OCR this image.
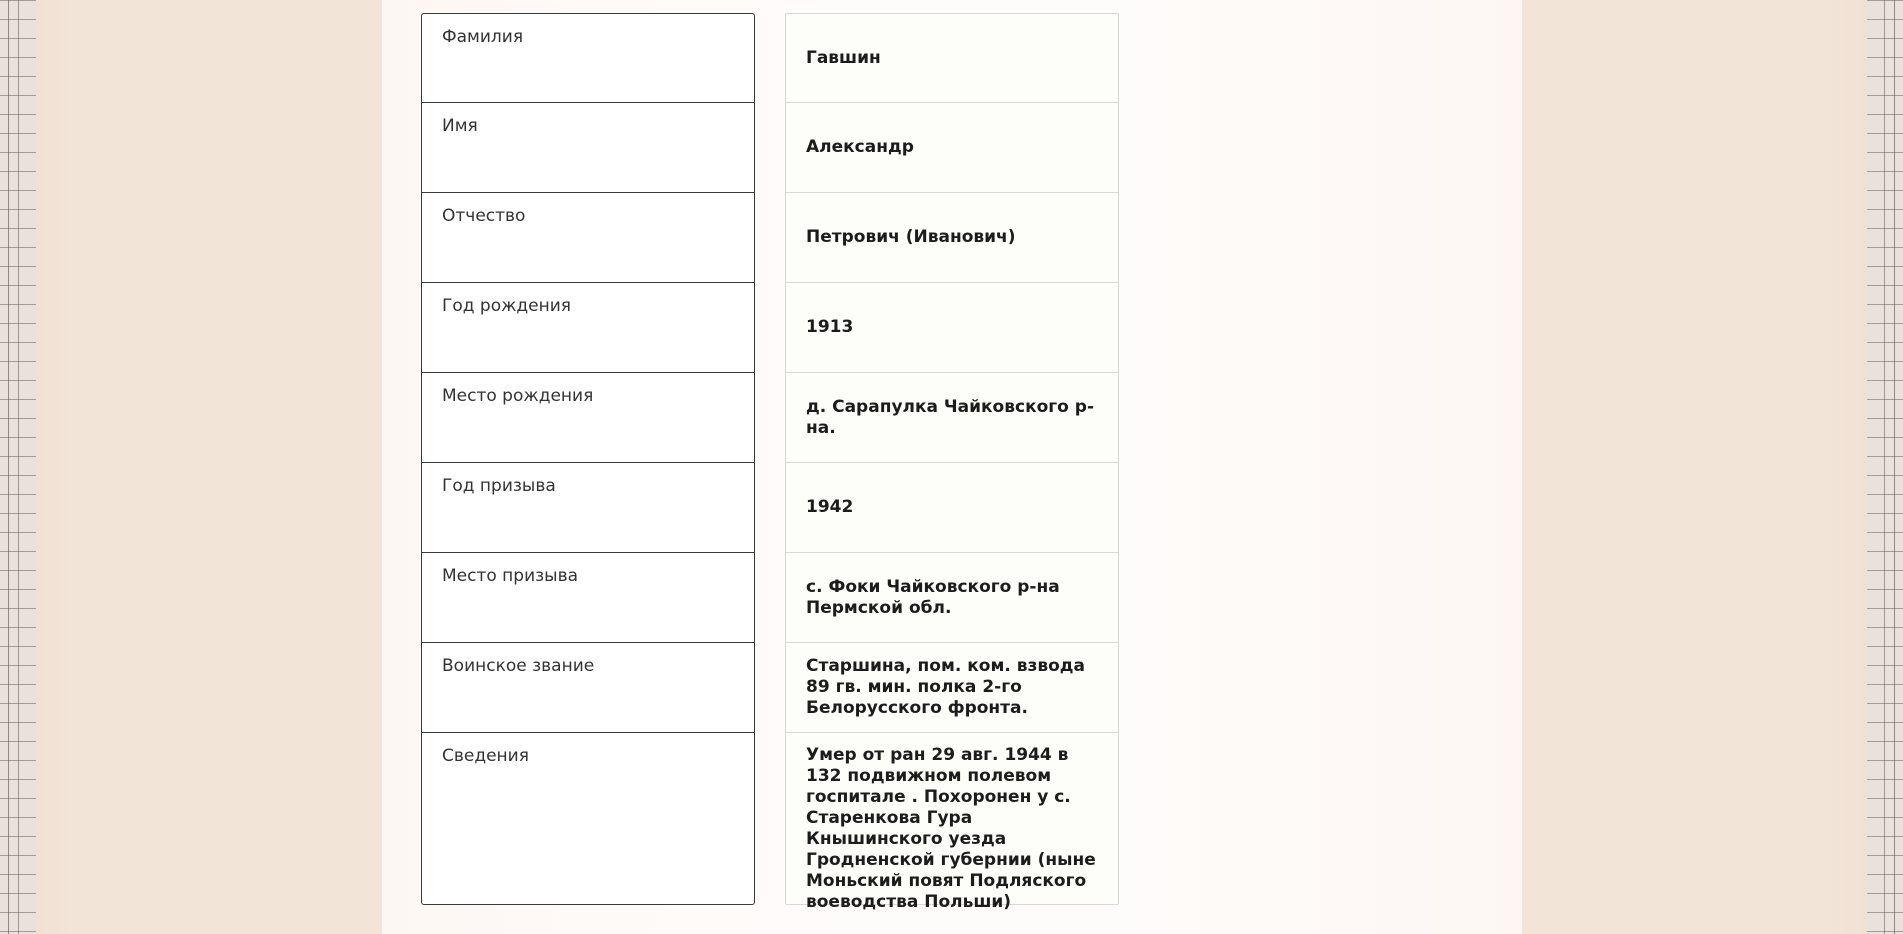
Фамилия
Имя
Отчество
Год рождения
Место рождения
Год призыва
Место призыва
Воинское звание
Сведения
Гавшин
Александр
Петрович (Иванович)
1913
д. Сарапулка Чайковского р-на.
1942
с. Фоки Чайковского р-на Пермской обл.
Старшина, пом. ком. взвода 89 гв. мин. полка 2-го Белорусского фронта.
Умер от ран 29 авг. 1944 в 132 подвижном полевом госпитале . Похоронен у с. Старенкова Гура Кнышинского уезда Гродненской губернии (ныне Моньский повят Подляского воеводства Польши)
